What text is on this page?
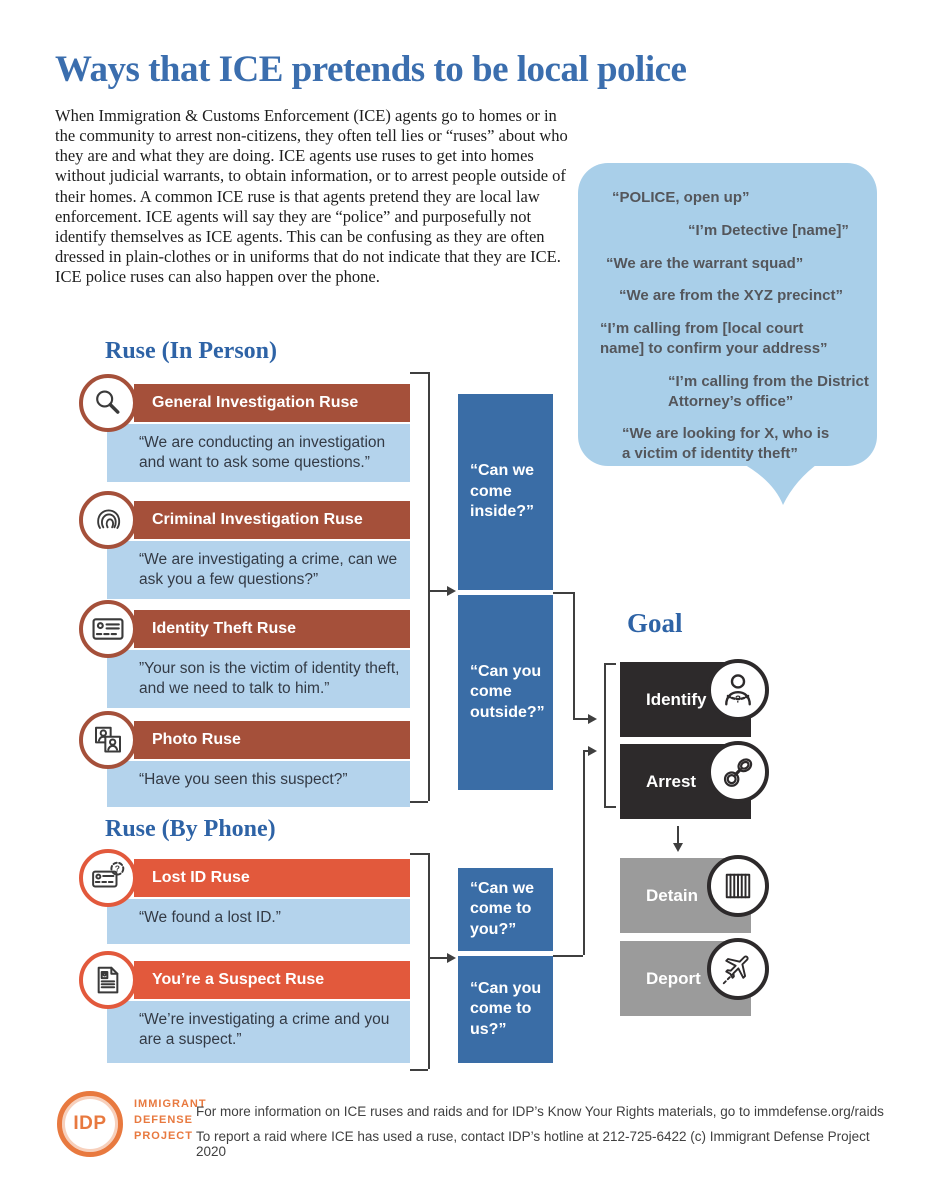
Ways that ICE pretends to be local police
When Immigration & Customs Enforcement (ICE) agents go to homes or in the community to arrest non-citizens, they often tell lies or “ruses” about who they are and what they are doing. ICE agents use ruses to get into homes without judicial warrants, to obtain information, or to arrest people outside of their homes. A common ICE ruse is that agents pretend they are local law enforcement. ICE agents will say they are “police” and purposefully not identify themselves as ICE agents. This can be confusing as they are often dressed in plain-clothes or in uniforms that do not indicate that they are ICE. ICE police ruses can also happen over the phone.
“POLICE, open up”
“I’m Detective [name]”
“We are the warrant squad”
“We are from the XYZ precinct”
“I’m calling from [local court name] to confirm your address”
“I’m calling from the District Attorney’s office”
“We are looking for X, who is a victim of identity theft”
Ruse (In Person)
General Investigation Ruse
“We are conducting an investigation and want to ask some questions.”
Criminal Investigation Ruse
“We are investigating a crime, can we ask you a few questions?”
Identity Theft Ruse
”Your son is the victim of identity theft, and we need to talk to him.”
Photo Ruse
“Have you seen this suspect?”
Ruse (By Phone)
?
Lost ID Ruse
“We found a lost ID.”
You’re a Suspect Ruse
“We’re investigating a crime and you are a suspect.”
“Can we come inside?”
“Can you come outside?”
“Can we come to you?”
“Can you come to us?”
Goal
Identify	?
Arrest
Detain
Deport
IDP
IMMIGRANT
DEFENSE
PROJECT
For more information on ICE ruses and raids and for IDP’s Know Your Rights materials, go to immdefense.org/raids
To report a raid where ICE has used a ruse, contact IDP’s hotline at 212-725-6422 (c) Immigrant Defense Project 2020
